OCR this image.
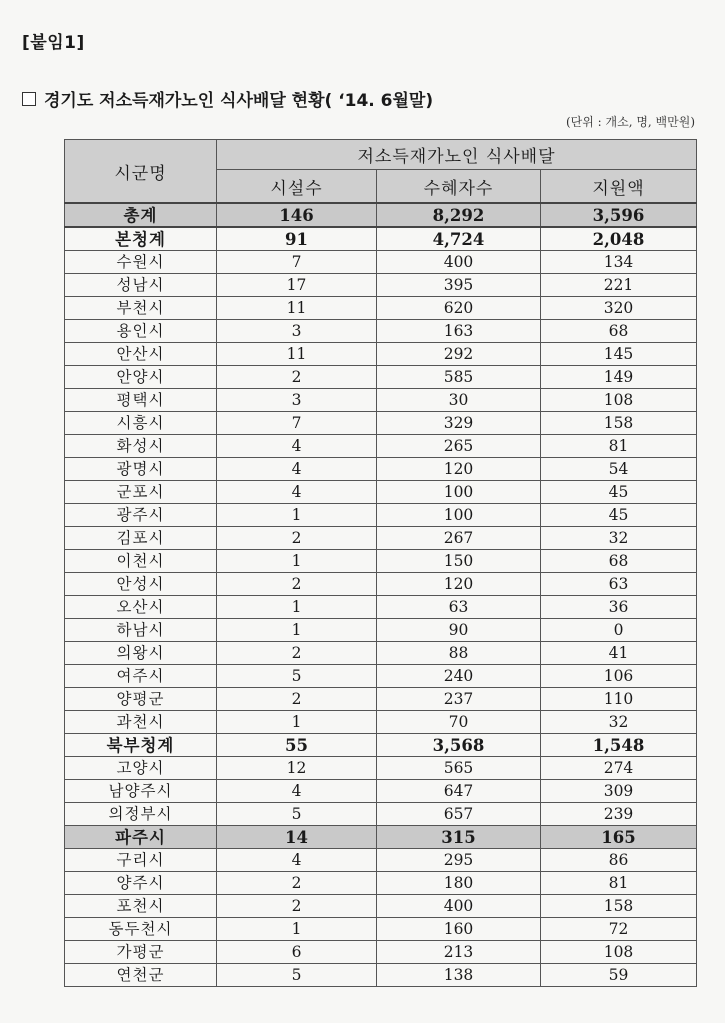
[붙임1]
경기도 저소득재가노인 식사배달 현황( ‘14. 6월말)
(단위 : 개소, 명, 백만원)
시군명	저소득재가노인 식사배달		
	시설수	수혜자수	지원액
총계	146	8,292	3,596
본청계	91	4,724	2,048
수원시	7	400	134
성남시	17	395	221
부천시	11	620	320
용인시	3	163	68
안산시	11	292	145
안양시	2	585	149
평택시	3	30	108
시흥시	7	329	158
화성시	4	265	81
광명시	4	120	54
군포시	4	100	45
광주시	1	100	45
김포시	2	267	32
이천시	1	150	68
안성시	2	120	63
오산시	1	63	36
하남시	1	90	0
의왕시	2	88	41
여주시	5	240	106
양평군	2	237	110
과천시	1	70	32
북부청계	55	3,568	1,548
고양시	12	565	274
남양주시	4	647	309
의정부시	5	657	239
파주시	14	315	165
구리시	4	295	86
양주시	2	180	81
포천시	2	400	158
동두천시	1	160	72
가평군	6	213	108
연천군	5	138	59
